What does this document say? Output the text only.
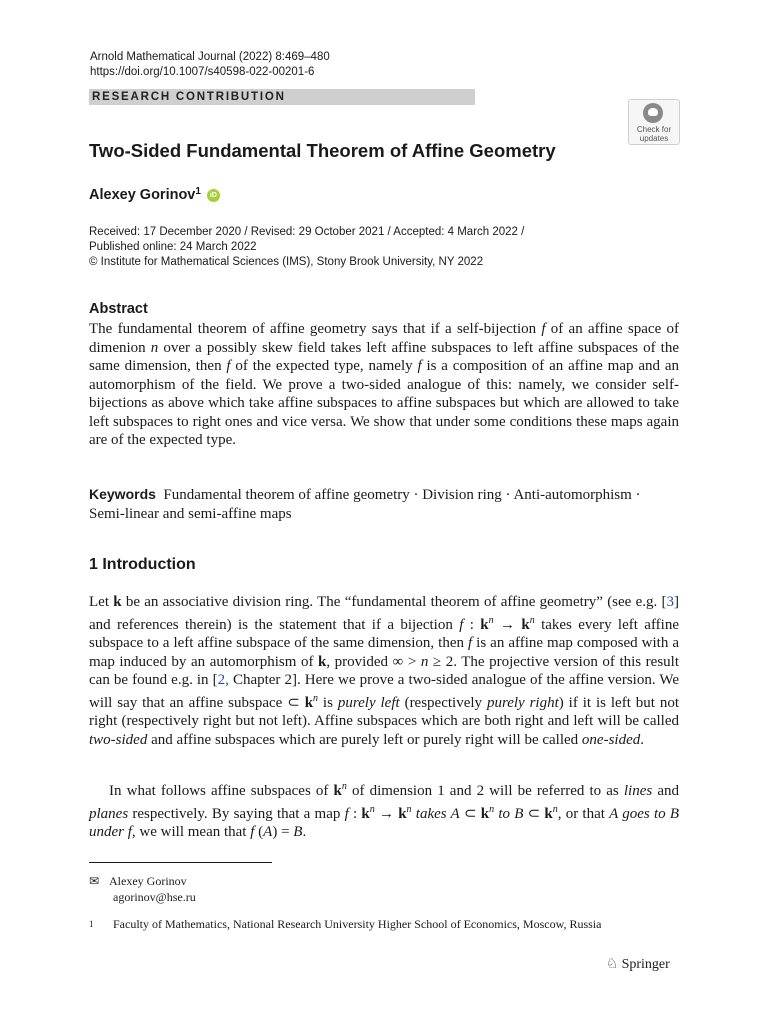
Arnold Mathematical Journal (2022) 8:469–480
https://doi.org/10.1007/s40598-022-00201-6
RESEARCH CONTRIBUTION
Check for
updates
Two-Sided Fundamental Theorem of Affine Geometry
Alexey Gorinov$^1$ iD
Received: 17 December 2020 / Revised: 29 October 2021 / Accepted: 4 March 2022 /
Published online: 24 March 2022
© Institute for Mathematical Sciences (IMS), Stony Brook University, NY 2022
Abstract
The fundamental theorem of affine geometry says that if a self-bijection f of an affine space of dimenion n over a possibly skew field takes left affine subspaces to left affine subspaces of the same dimension, then f of the expected type, namely f is a composition of an affine map and an automorphism of the field. We prove a two-sided analogue of this: namely, we consider self-bijections as above which take affine subspaces to affine subspaces but which are allowed to take left subspaces to right ones and vice versa. We show that under some conditions these maps again are of the expected type.
Keywords Fundamental theorem of affine geometry · Division ring · Anti-automorphism · Semi-linear and semi-affine maps
1 Introduction
Let k be an associative division ring. The “fundamental theorem of affine geometry” (see e.g. [3] and references therein) is the statement that if a bijection f : $k^n \to k^n$ takes every left affine subspace to a left affine subspace of the same dimension, then f is an affine map composed with a map induced by an automorphism of k, provided ∞ > n ≥ 2. The projective version of this result can be found e.g. in [2, Chapter 2]. Here we prove a two-sided analogue of the affine version. We will say that an affine subspace ⊂ $k^n$ is purely left (respectively purely right) if it is left but not right (respectively right but not left). Affine subspaces which are both right and left will be called two-sided and affine subspaces which are purely left or purely right will be called one-sided.
In what follows affine subspaces of $k^n$ of dimension 1 and 2 will be referred to as lines and planes respectively. By saying that a map f : $k^n \to k^n$ takes A ⊂ $k^n$ to B ⊂ $k^n$, or that A goes to B under f, we will mean that f (A) = B.
✉ Alexey Gorinov
agorinov@hse.ru
$^1$ Faculty of Mathematics, National Research University Higher School of Economics, Moscow, Russia
♘ Springer
